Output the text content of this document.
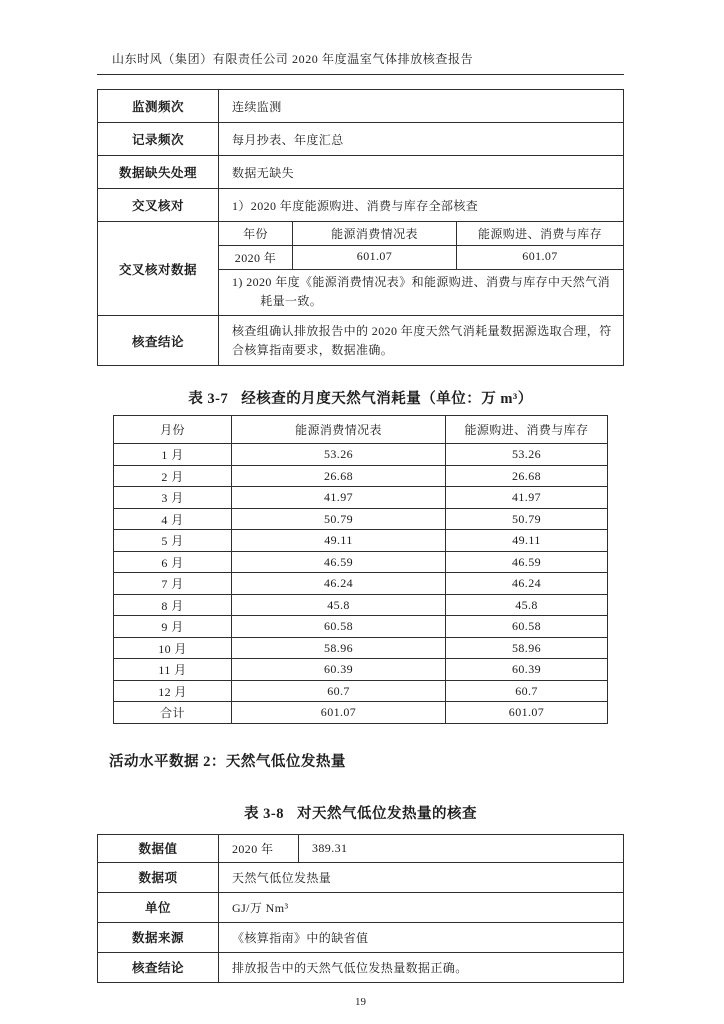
山东时风（集团）有限责任公司 2020 年度温室气体排放核查报告
监测频次	连续监测
记录频次	每月抄表、年度汇总
数据缺失处理	数据无缺失
交叉核对	1）2020 年度能源购进、消费与库存全部核查
交叉核对数据	
年份	能源消费情况表	能源购进、消费与库存
2020 年	601.07	601.07
1) 2020 年度《能源消费情况表》和能源购进、消费与库存中天然气消耗量一致。

核查结论	核查组确认排放报告中的 2020 年度天然气消耗量数据源选取合理，符合核算指南要求，数据准确。
表 3-7 经核查的月度天然气消耗量（单位：万 m³）
月份	能源消费情况表	能源购进、消费与库存
1 月	53.26	53.26
2 月	26.68	26.68
3 月	41.97	41.97
4 月	50.79	50.79
5 月	49.11	49.11
6 月	46.59	46.59
7 月	46.24	46.24
8 月	45.8	45.8
9 月	60.58	60.58
10 月	58.96	58.96
11 月	60.39	60.39
12 月	60.7	60.7
合计	601.07	601.07
活动水平数据 2：天然气低位发热量
表 3-8 对天然气低位发热量的核查
数据值	2020 年	389.31
数据项	天然气低位发热量	
单位	GJ/万 Nm³	
数据来源	《核算指南》中的缺省值	
核查结论	排放报告中的天然气低位发热量数据正确。	
19
